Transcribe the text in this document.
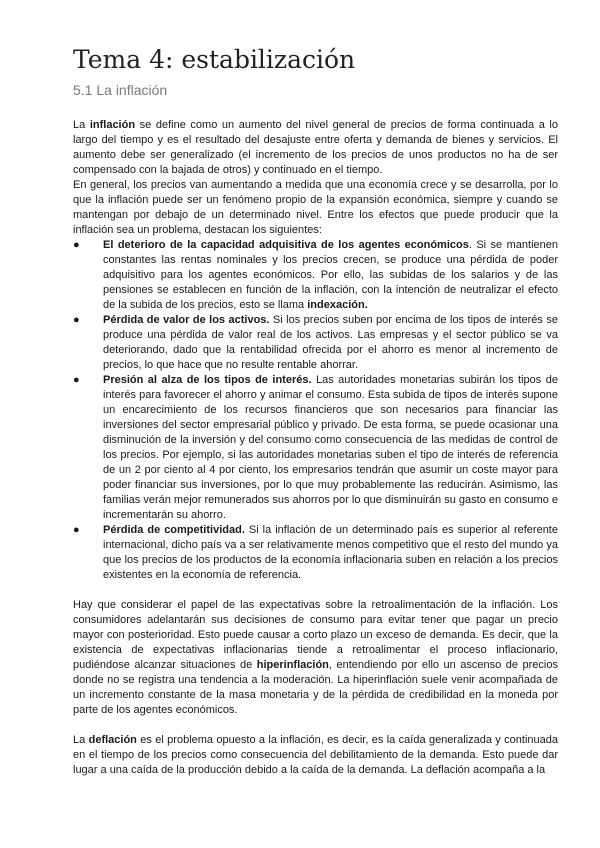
Tema 4: estabilización
5.1 La inflación

La inflación se define como un aumento del nivel general de precios de forma continuada a lo largo del tiempo y es el resultado del desajuste entre oferta y demanda de bienes y servicios. El aumento debe ser generalizado (el incremento de los precios de unos productos no ha de ser compensado con la bajada de otros) y continuado en el tiempo.

En general, los precios van aumentando a medida que una economía crece y se desarrolla, por lo que la inflación puede ser un fenómeno propio de la expansión económica, siempre y cuando se mantengan por debajo de un determinado nivel. Entre los efectos que puede producir que la inflación sea un problema, destacan los siguientes:

●	El deterioro de la capacidad adquisitiva de los agentes económicos. Si se mantienen constantes las rentas nominales y los precios crecen, se produce una pérdida de poder adquisitivo para los agentes económicos. Por ello, las subidas de los salarios y de las pensiones se establecen en función de la inflación, con la intención de neutralizar el efecto de la subida de los precios, esto se llama indexación.
●	Pérdida de valor de los activos. Si los precios suben por encima de los tipos de interés se produce una pérdida de valor real de los activos. Las empresas y el sector público se va deteriorando, dado que la rentabilidad ofrecida por el ahorro es menor al incremento de precios, lo que hace que no resulte rentable ahorrar.
●	Presión al alza de los tipos de interés. Las autoridades monetarias subirán los tipos de interés para favorecer el ahorro y animar el consumo. Esta subida de tipos de interés supone un encarecimiento de los recursos financieros que son necesarios para financiar las inversiones del sector empresarial público y privado. De esta forma, se puede ocasionar una disminución de la inversión y del consumo como consecuencia de las medidas de control de los precios. Por ejemplo, si las autoridades monetarias suben el tipo de interés de referencia de un 2 por ciento al 4 por ciento, los empresarios tendrán que asumir un coste mayor para poder financiar sus inversiones, por lo que muy probablemente las reducirán. Asimismo, las familias verán mejor remunerados sus ahorros por lo que disminuirán su gasto en consumo e incrementarán su ahorro.
●	Pérdida de competitividad. Si la inflación de un determinado país es superior al referente internacional, dicho país va a ser relativamente menos competitivo que el resto del mundo ya que los precios de los productos de la economía inflacionaria suben en relación a los precios existentes en la economía de referencia.

Hay que considerar el papel de las expectativas sobre la retroalimentación de la inflación. Los consumidores adelantarán sus decisiones de consumo para evitar tener que pagar un precio mayor con posterioridad. Esto puede causar a corto plazo un exceso de demanda. Es decir, que la existencia de expectativas inflacionarias tiende a retroalimentar el proceso inflacionario, pudiéndose alcanzar situaciones de hiperinflación, entendiendo por ello un ascenso de precios donde no se registra una tendencia a la moderación. La hiperinflación suele venir acompañada de un incremento constante de la masa monetaria y de la pérdida de credibilidad en la moneda por parte de los agentes económicos.

La deflación es el problema opuesto a la inflación, es decir, es la caída generalizada y continuada en el tiempo de los precios como consecuencia del debilitamiento de la demanda. Esto puede dar lugar a una caída de la producción debido a la caída de la demanda. La deflación acompaña a la
